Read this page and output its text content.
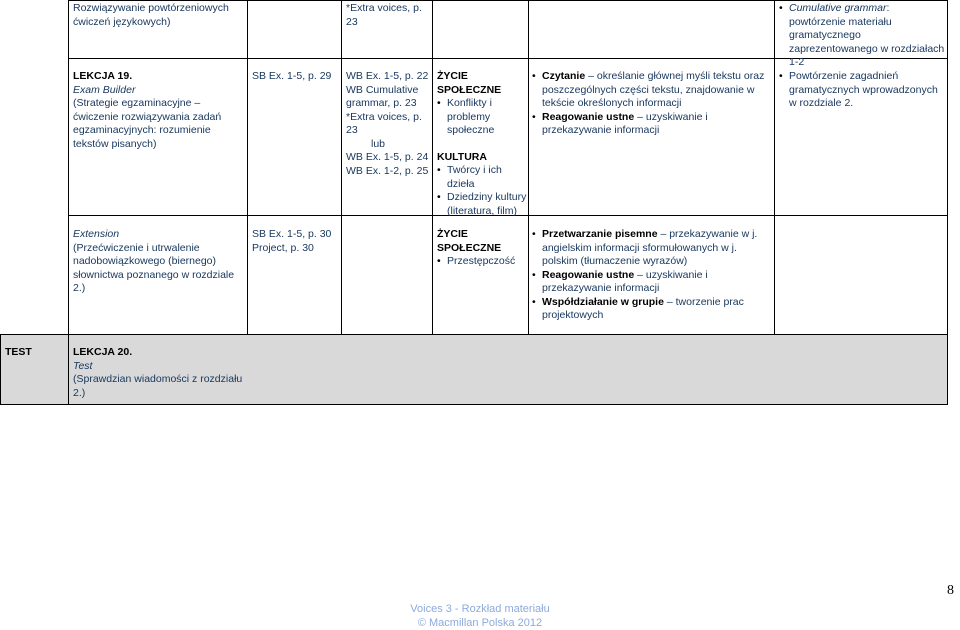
Rozwiązywanie powtórzeniowych ćwiczeń językowych)
*Extra voices, p. 23
• Cumulative grammar: powtórzenie materiału gramatycznego zaprezentowanego w rozdziałach 1-2
LEKCJA 19.
Exam Builder
(Strategie egzaminacyjne – ćwiczenie rozwiązywania zadań egzaminacyjnych: rozumienie tekstów pisanych)
SB Ex. 1-5, p. 29	WB Ex. 1-5, p. 22
WB Cumulative grammar, p. 23
*Extra voices, p. 23
lub
WB Ex. 1-5, p. 24
WB Ex. 1-2, p. 25
ŻYCIE SPOŁECZNE
• Konflikty i problemy społeczne
KULTURA
• Twórcy i ich dzieła
• Dziedziny kultury (literatura, film)
• Czytanie – określanie głównej myśli tekstu oraz poszczególnych części tekstu, znajdowanie w tekście określonych informacji
• Reagowanie ustne – uzyskiwanie i przekazywanie informacji
• Powtórzenie zagadnień gramatycznych wprowadzonych w rozdziale 2.
Extension
(Przećwiczenie i utrwalenie nadobowiązkowego (biernego) słownictwa poznanego w rozdziale 2.)
SB Ex. 1-5, p. 30
Project, p. 30
ŻYCIE SPOŁECZNE
• Przestępczość
• Przetwarzanie pisemne – przekazywanie w j. angielskim informacji sformułowanych w j. polskim (tłumaczenie wyrazów)
• Reagowanie ustne – uzyskiwanie i przekazywanie informacji
• Współdziałanie w grupie – tworzenie prac projektowych
TEST	LEKCJA 20.
Test
(Sprawdzian wiadomości z rozdziału 2.)
8
Voices 3 - Rozkład materiału
© Macmillan Polska 2012
